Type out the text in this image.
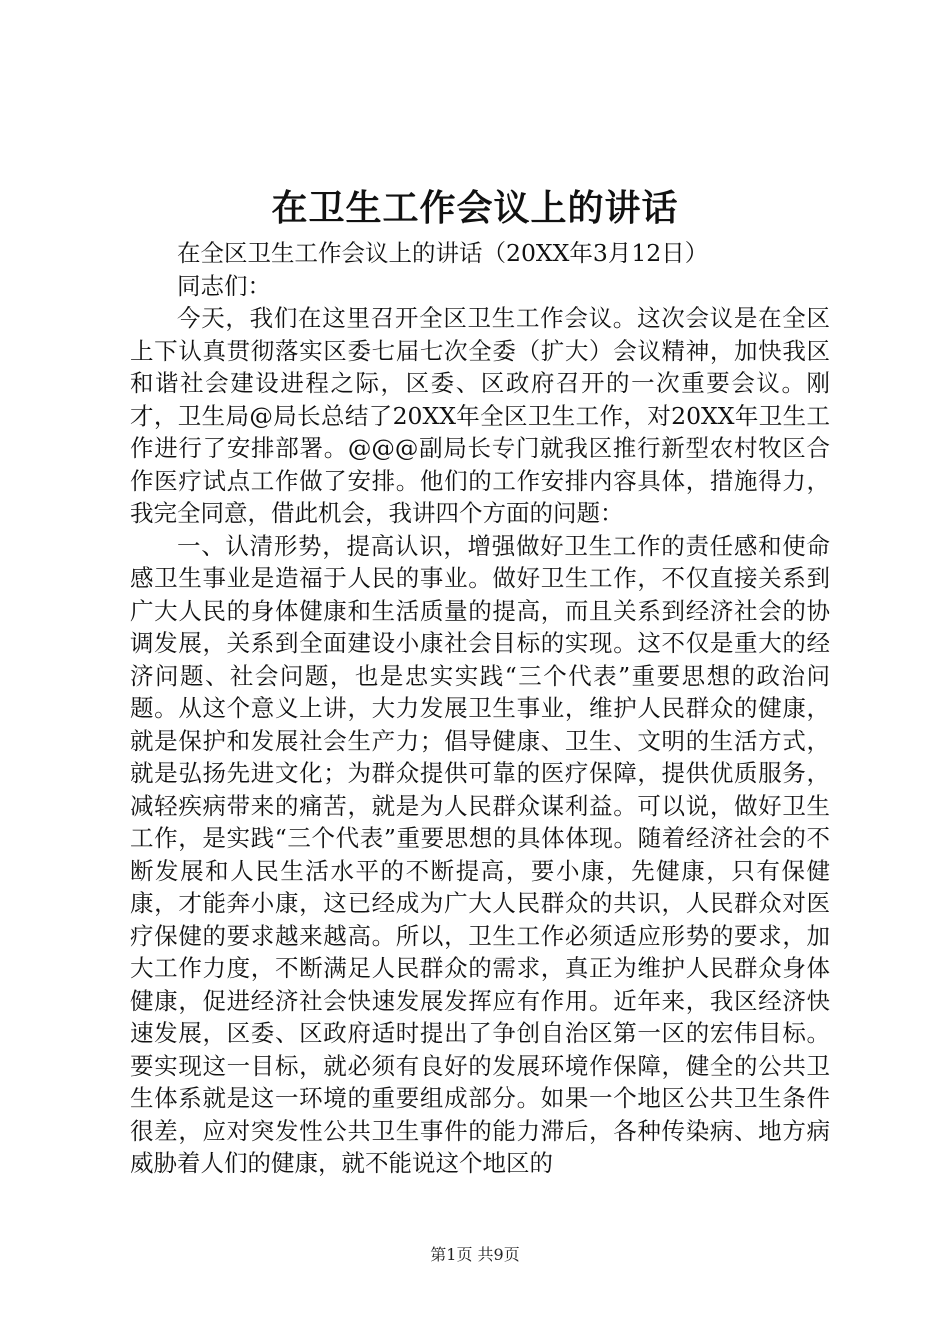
在卫生工作会议上的讲话

在全区卫生工作会议上的讲话（20XX年3月12日）

同志们：

今天，我们在这里召开全区卫生工作会议。这次会议是在全区上下认真贯彻落实区委七届七次全委（扩大）会议精神，加快我区和谐社会建设进程之际，区委、区政府召开的一次重要会议。刚才，卫生局@局长总结了20XX年全区卫生工作，对20XX年卫生工作进行了安排部署。@@@副局长专门就我区推行新型农村牧区合作医疗试点工作做了安排。他们的工作安排内容具体，措施得力，我完全同意，借此机会，我讲四个方面的问题：

一、认清形势，提高认识，增强做好卫生工作的责任感和使命感卫生事业是造福于人民的事业。做好卫生工作，不仅直接关系到广大人民的身体健康和生活质量的提高，而且关系到经济社会的协调发展，关系到全面建设小康社会目标的实现。这不仅是重大的经济问题、社会问题，也是忠实实践“三个代表”重要思想的政治问题。从这个意义上讲，大力发展卫生事业，维护人民群众的健康，就是保护和发展社会生产力；倡导健康、卫生、文明的生活方式，就是弘扬先进文化；为群众提供可靠的医疗保障，提供优质服务，减轻疾病带来的痛苦，就是为人民群众谋利益。可以说，做好卫生工作，是实践“三个代表”重要思想的具体体现。随着经济社会的不断发展和人民生活水平的不断提高，要小康，先健康，只有保健康，才能奔小康，这已经成为广大人民群众的共识，人民群众对医疗保健的要求越来越高。所以，卫生工作必须适应形势的要求，加大工作力度，不断满足人民群众的需求，真正为维护人民群众身体健康，促进经济社会快速发展发挥应有作用。近年来，我区经济快速发展，区委、区政府适时提出了争创自治区第一区的宏伟目标。要实现这一目标，就必须有良好的发展环境作保障，健全的公共卫生体系就是这一环境的重要组成部分。如果一个地区公共卫生条件很差，应对突发性公共卫生事件的能力滞后，各种传染病、地方病威胁着人们的健康，就不能说这个地区的

第1页 共9页
